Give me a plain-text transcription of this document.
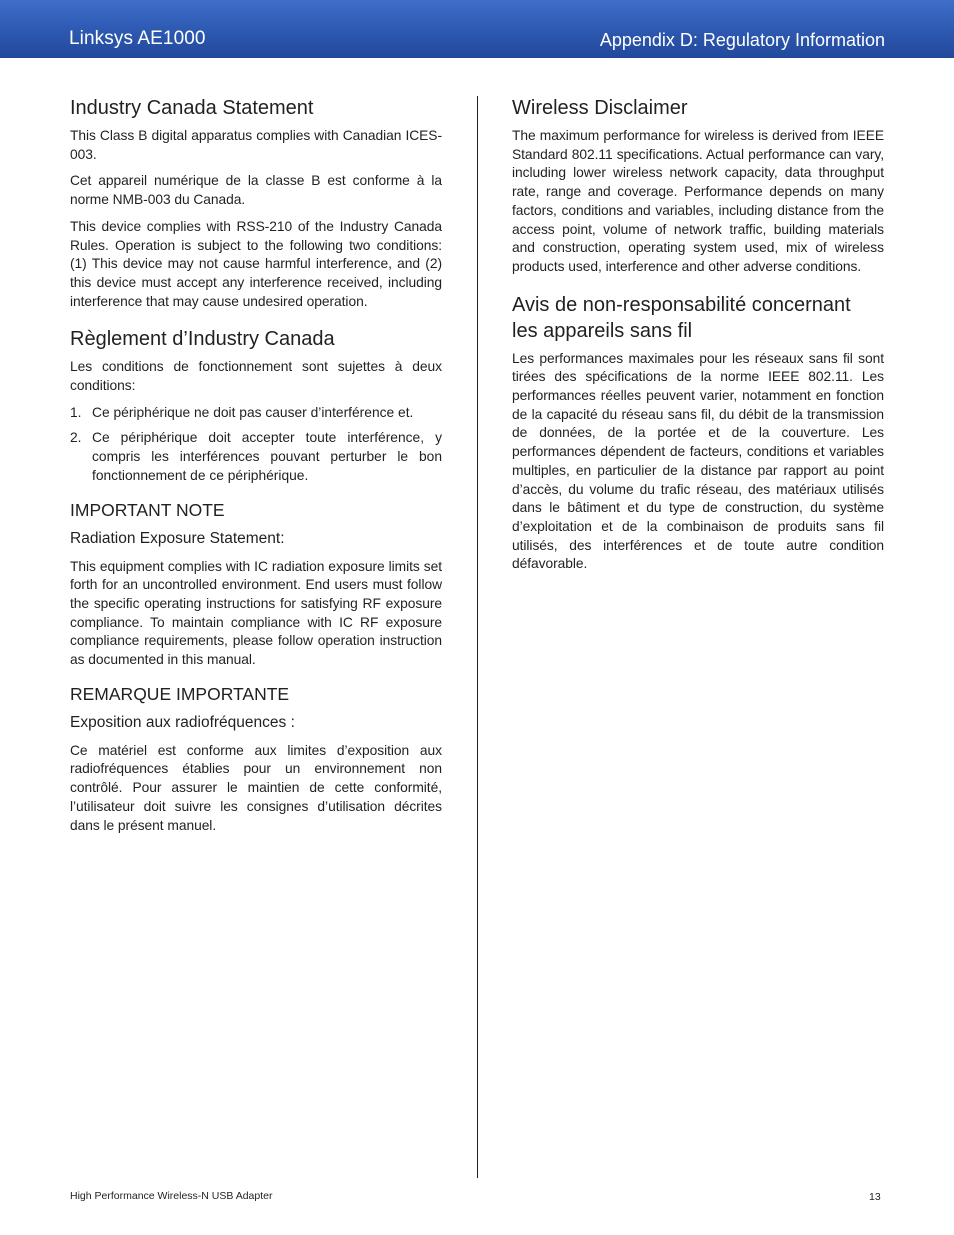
Linksys AE1000	Appendix D: Regulatory Information
Industry Canada Statement

This Class B digital apparatus complies with Canadian ICES-003.

Cet appareil numérique de la classe B est conforme à la norme NMB-003 du Canada.

This device complies with RSS-210 of the Industry Canada Rules. Operation is subject to the following two conditions: (1) This device may not cause harmful interference, and (2) this device must accept any interference received, including interference that may cause undesired operation.

Règlement d’Industry Canada

Les conditions de fonctionnement sont sujettes à deux conditions:

1. Ce périphérique ne doit pas causer d’interférence et.
2. Ce périphérique doit accepter toute interférence, y compris les interférences pouvant perturber le bon fonctionnement de ce périphérique.
IMPORTANT NOTE
Radiation Exposure Statement:

This equipment complies with IC radiation exposure limits set forth for an uncontrolled environment. End users must follow the specific operating instructions for satisfying RF exposure compliance. To maintain compliance with IC RF exposure compliance requirements, please follow operation instruction as documented in this manual.

REMARQUE IMPORTANTE
Exposition aux radiofréquences :

Ce matériel est conforme aux limites d’exposition aux radiofréquences établies pour un environnement non contrôlé. Pour assurer le maintien de cette conformité, l’utilisateur doit suivre les consignes d’utilisation décrites dans le présent manuel.

Wireless Disclaimer

The maximum performance for wireless is derived from IEEE Standard 802.11 specifications. Actual performance can vary, including lower wireless network capacity, data throughput rate, range and coverage. Performance depends on many factors, conditions and variables, including distance from the access point, volume of network traffic, building materials and construction, operating system used, mix of wireless products used, interference and other adverse conditions.

Avis de non-responsabilité concernant les appareils sans fil

Les performances maximales pour les réseaux sans fil sont tirées des spécifications de la norme IEEE 802.11. Les performances réelles peuvent varier, notamment en fonction de la capacité du réseau sans fil, du débit de la transmission de données, de la portée et de la couverture. Les performances dépendent de facteurs, conditions et variables multiples, en particulier de la distance par rapport au point d’accès, du volume du trafic réseau, des matériaux utilisés dans le bâtiment et du type de construction, du système d’exploitation et de la combinaison de produits sans fil utilisés, des interférences et de toute autre condition défavorable.

High Performance Wireless-N USB Adapter	13
